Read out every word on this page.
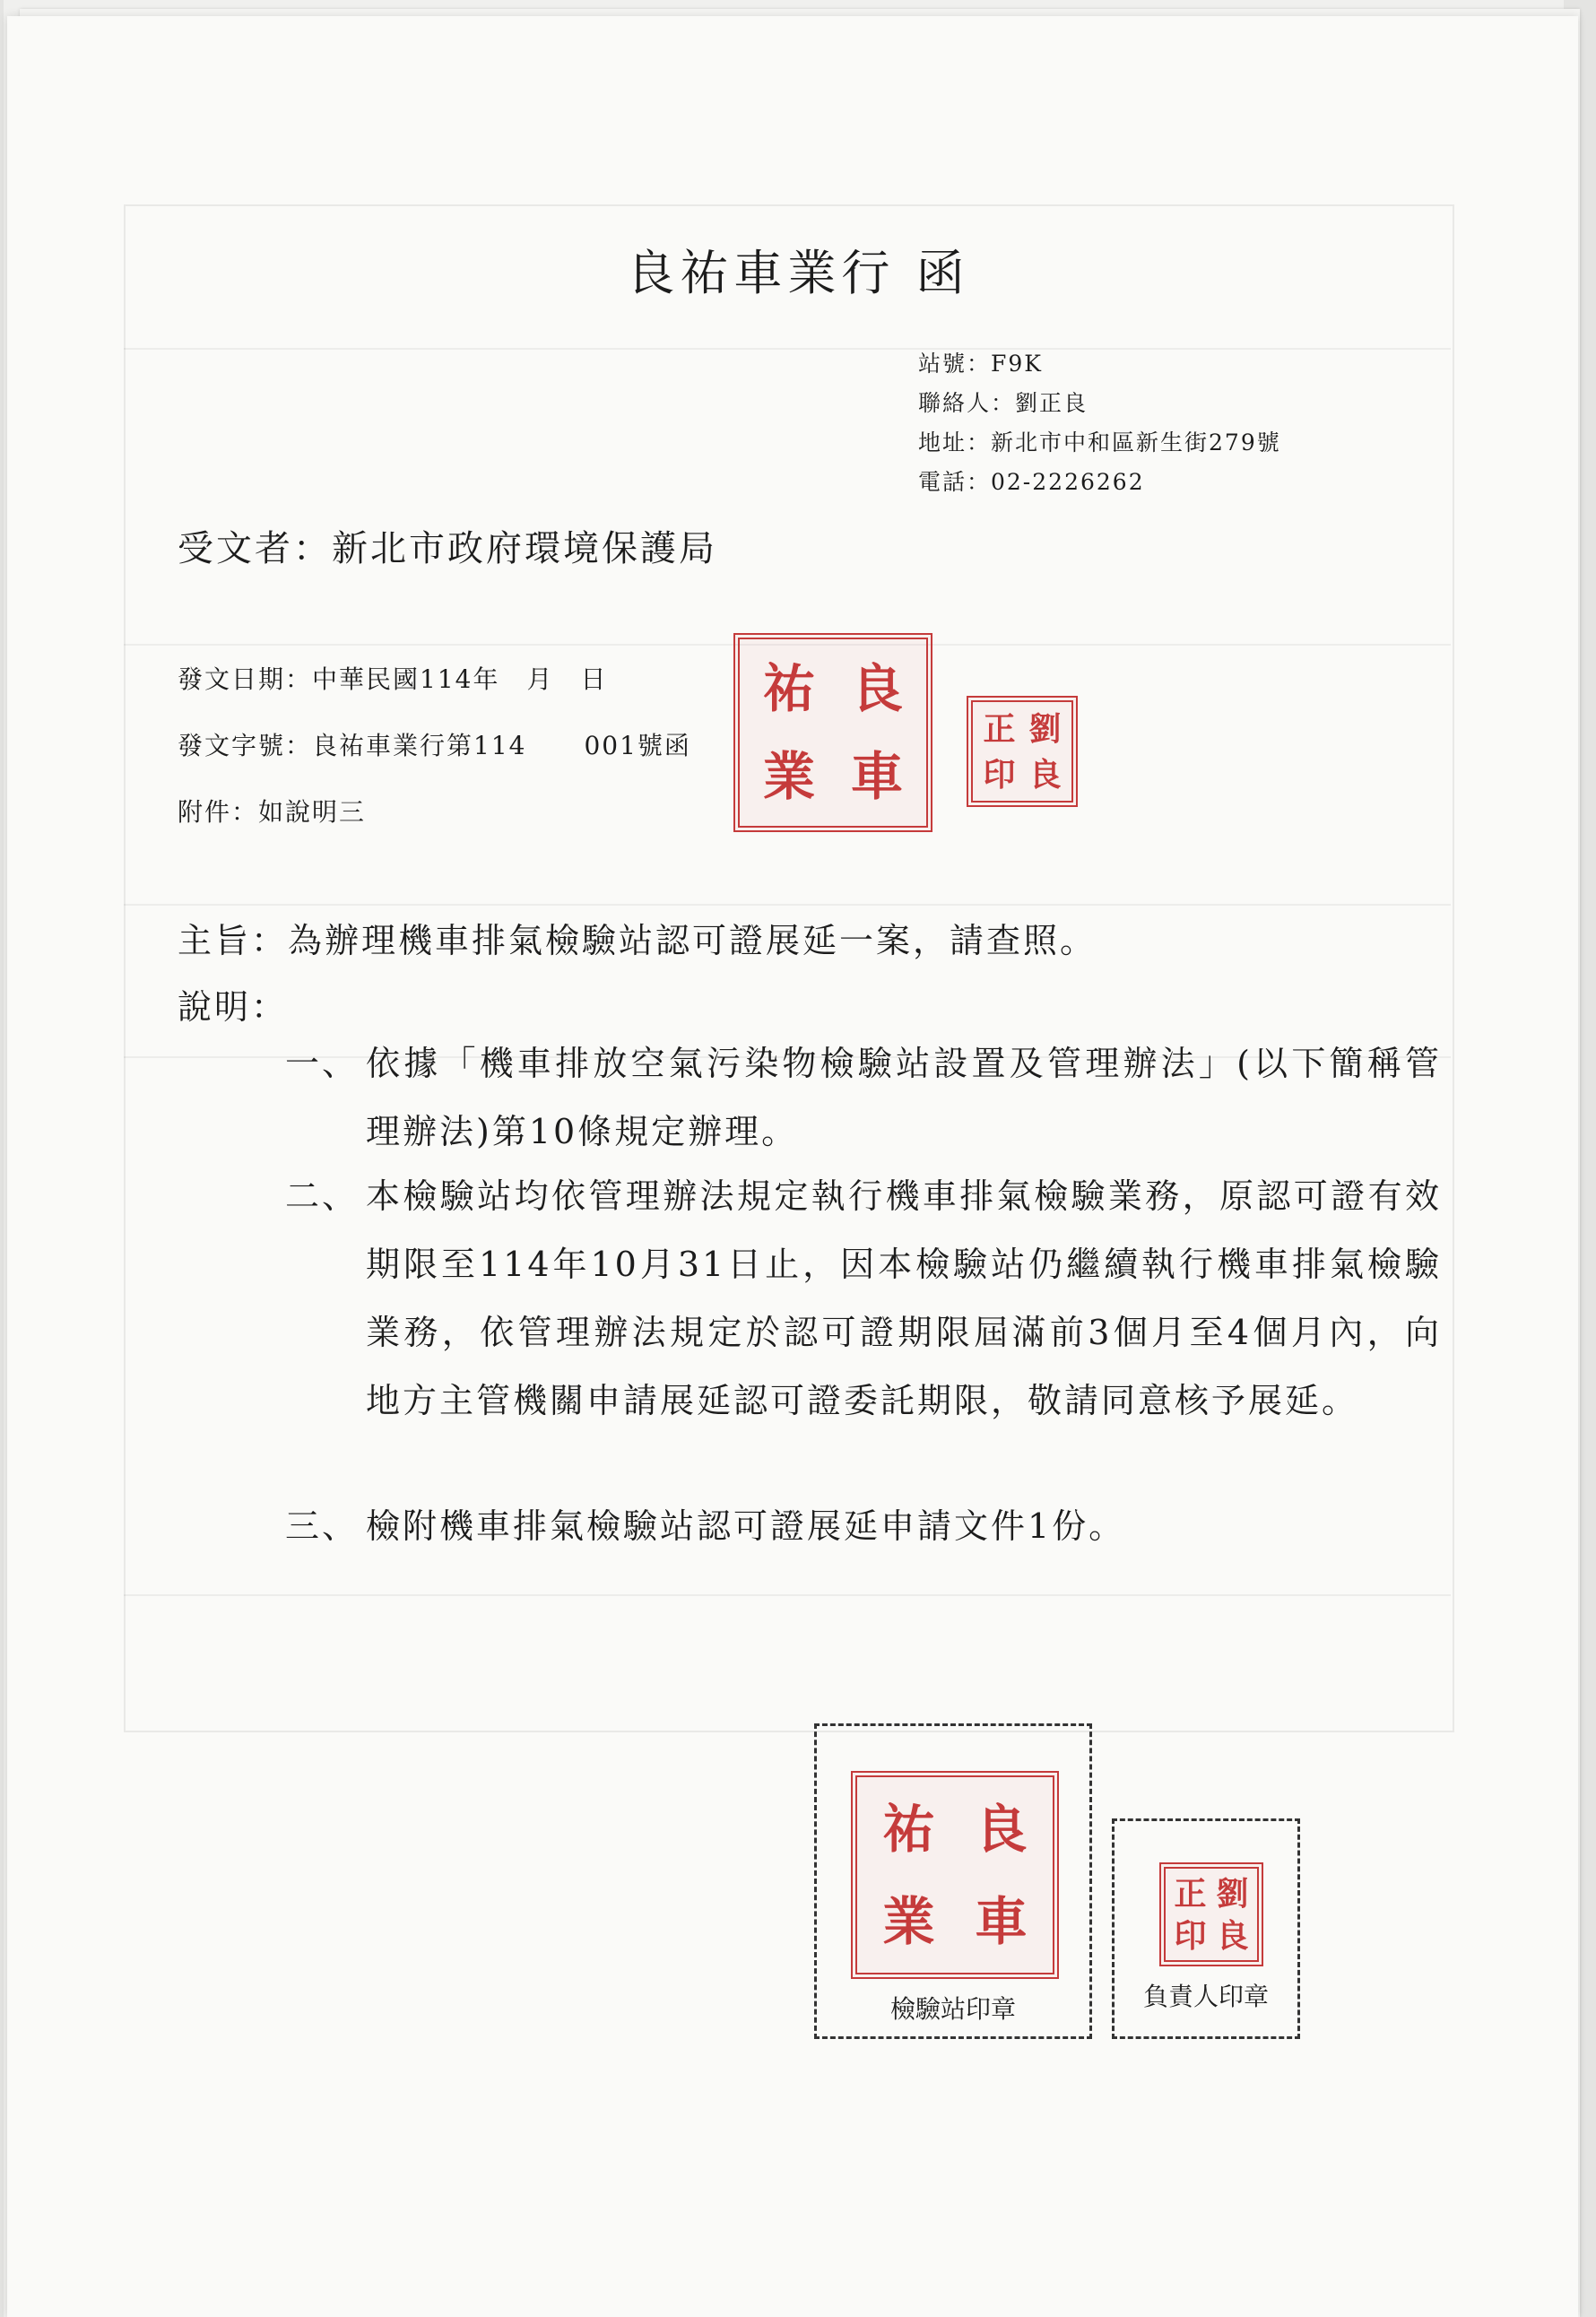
良祐車業行 函
站號：F9K
聯絡人：劉正良
地址：新北市中和區新生街279號
電話：02-2226262
受文者：新北市政府環境保護局
發文日期：中華民國114年　月　日
發文字號：良祐車業行第114 001號函
附件：如說明三
祐 良
業 車
正 劉
印 良
主旨：為辦理機車排氣檢驗站認可證展延一案，請查照。
說明：
一、 依據「機車排放空氣污染物檢驗站設置及管理辦法」(以下簡稱管理辦法)第10條規定辦理。
二、 本檢驗站均依管理辦法規定執行機車排氣檢驗業務，原認可證有效期限至114年10月31日止，因本檢驗站仍繼續執行機車排氣檢驗業務，依管理辦法規定於認可證期限屆滿前3個月至4個月內，向地方主管機關申請展延認可證委託期限，敬請同意核予展延。
三、 檢附機車排氣檢驗站認可證展延申請文件1份。
祐 良
業 車
檢驗站印章
正 劉
印 良
負責人印章
